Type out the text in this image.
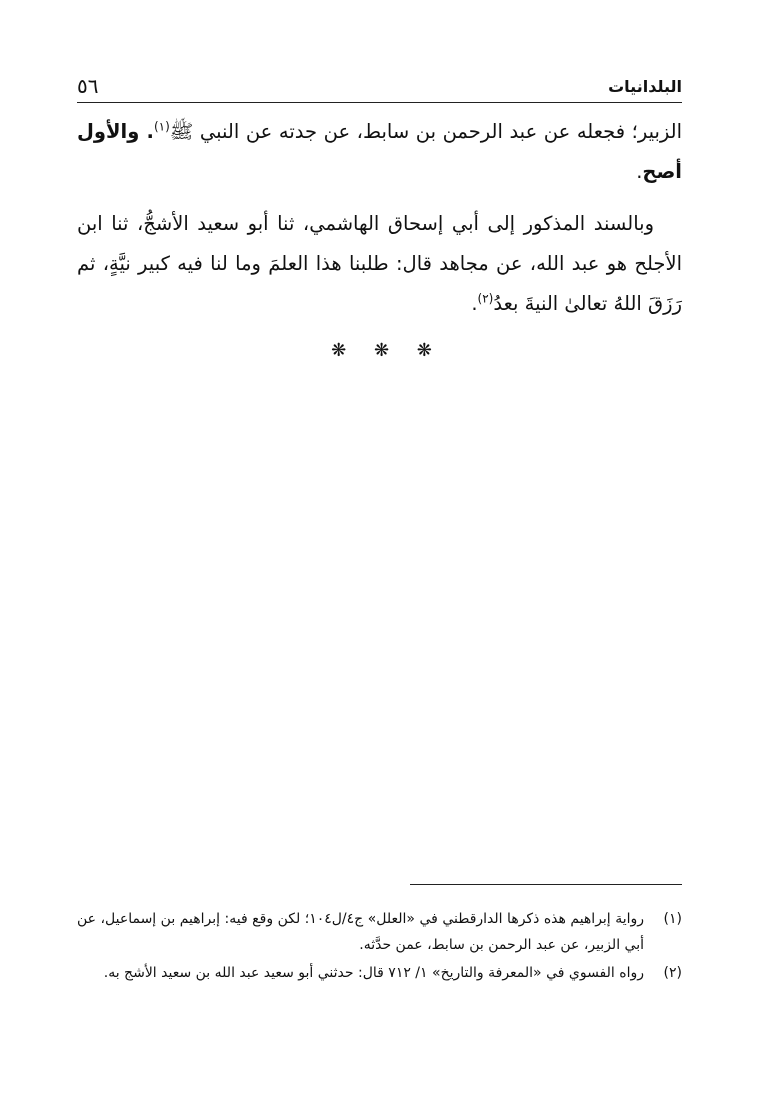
البلدانيات
٥٦

الزبير؛ فجعله عن عبد الرحمن بن سابط، عن جدته عن النبي ﷺ$^{(١)}$. والأول أصح.

وبالسند المذكور إلى أبي إسحاق الهاشمي، ثنا أبو سعيد الأشجُّ، ثنا ابن الأجلح هو عبد الله، عن مجاهد قال: طلبنا هذا العلمَ وما لنا فيه كبير نيَّةٍ، ثم رَزَقَ اللهُ تعالىٰ النيةَ بعدُ$^{(٢)}$.

❋ ❋ ❋
(١)
رواية إبراهيم هذه ذكرها الدارقطني في «العلل» ج٤/ل١٠٤؛ لكن وقع فيه: إبراهيم بن إسماعيل، عن أبي الزبير، عن عبد الرحمن بن سابط، عمن حدَّثه.
(٢)
رواه الفسوي في «المعرفة والتاريخ» ١/ ٧١٢ قال: حدثني أبو سعيد عبد الله بن سعيد الأشج به.
